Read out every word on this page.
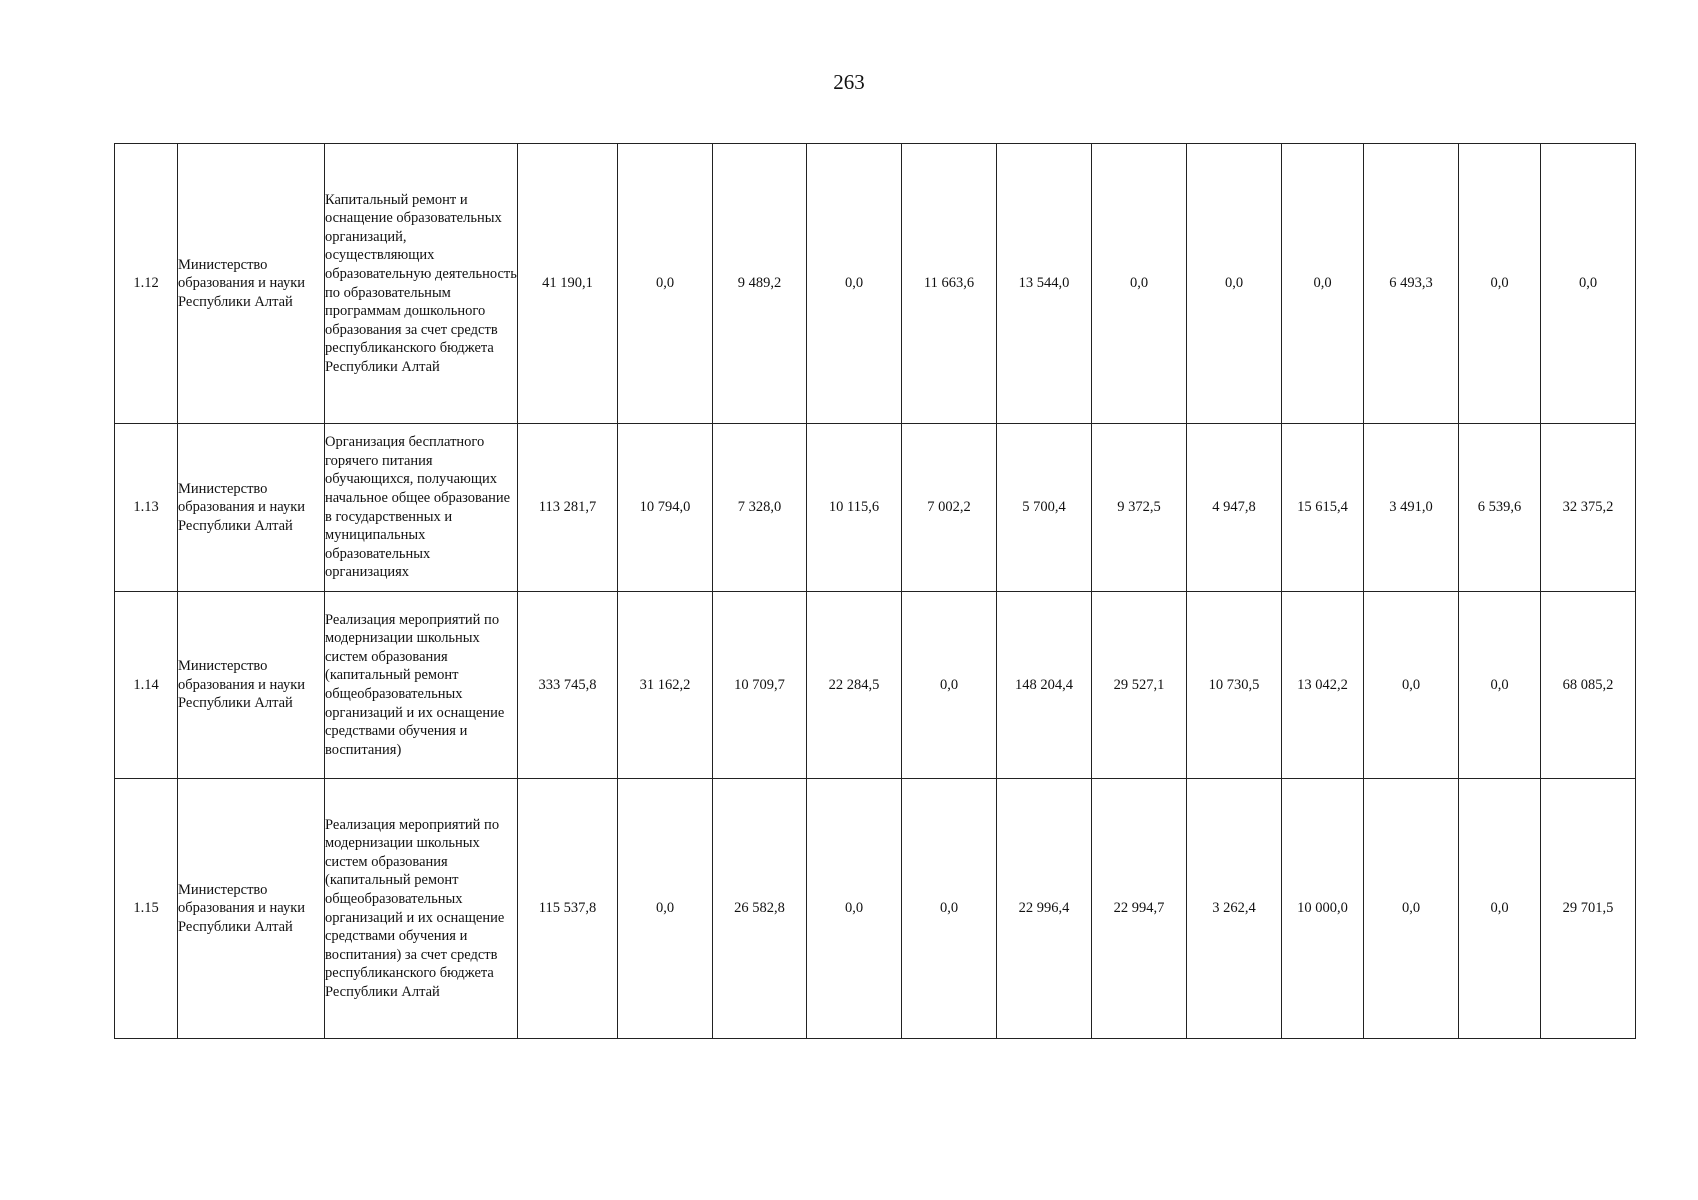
263
1.12	Министерство образования и науки Республики Алтай	Капитальный ремонт и оснащение образовательных организаций, осуществляющих образовательную деятельность по образовательным программам дошкольного образования за счет средств республиканского бюджета Республики Алтай	41 190,1	0,0	9 489,2	0,0	11 663,6	13 544,0	0,0	0,0	0,0	6 493,3	0,0	0,0
1.13	Министерство образования и науки Республики Алтай	Организация бесплатного горячего питания обучающихся, получающих начальное общее образование в государственных и муниципальных образовательных организациях	113 281,7	10 794,0	7 328,0	10 115,6	7 002,2	5 700,4	9 372,5	4 947,8	15 615,4	3 491,0	6 539,6	32 375,2
1.14	Министерство образования и науки Республики Алтай	Реализация мероприятий по модернизации школьных систем образования (капитальный ремонт общеобразовательных организаций и их оснащение средствами обучения и воспитания)	333 745,8	31 162,2	10 709,7	22 284,5	0,0	148 204,4	29 527,1	10 730,5	13 042,2	0,0	0,0	68 085,2
1.15	Министерство образования и науки Республики Алтай	Реализация мероприятий по модернизации школьных систем образования (капитальный ремонт общеобразовательных организаций и их оснащение средствами обучения и воспитания) за счет средств республиканского бюджета Республики Алтай	115 537,8	0,0	26 582,8	0,0	0,0	22 996,4	22 994,7	3 262,4	10 000,0	0,0	0,0	29 701,5
